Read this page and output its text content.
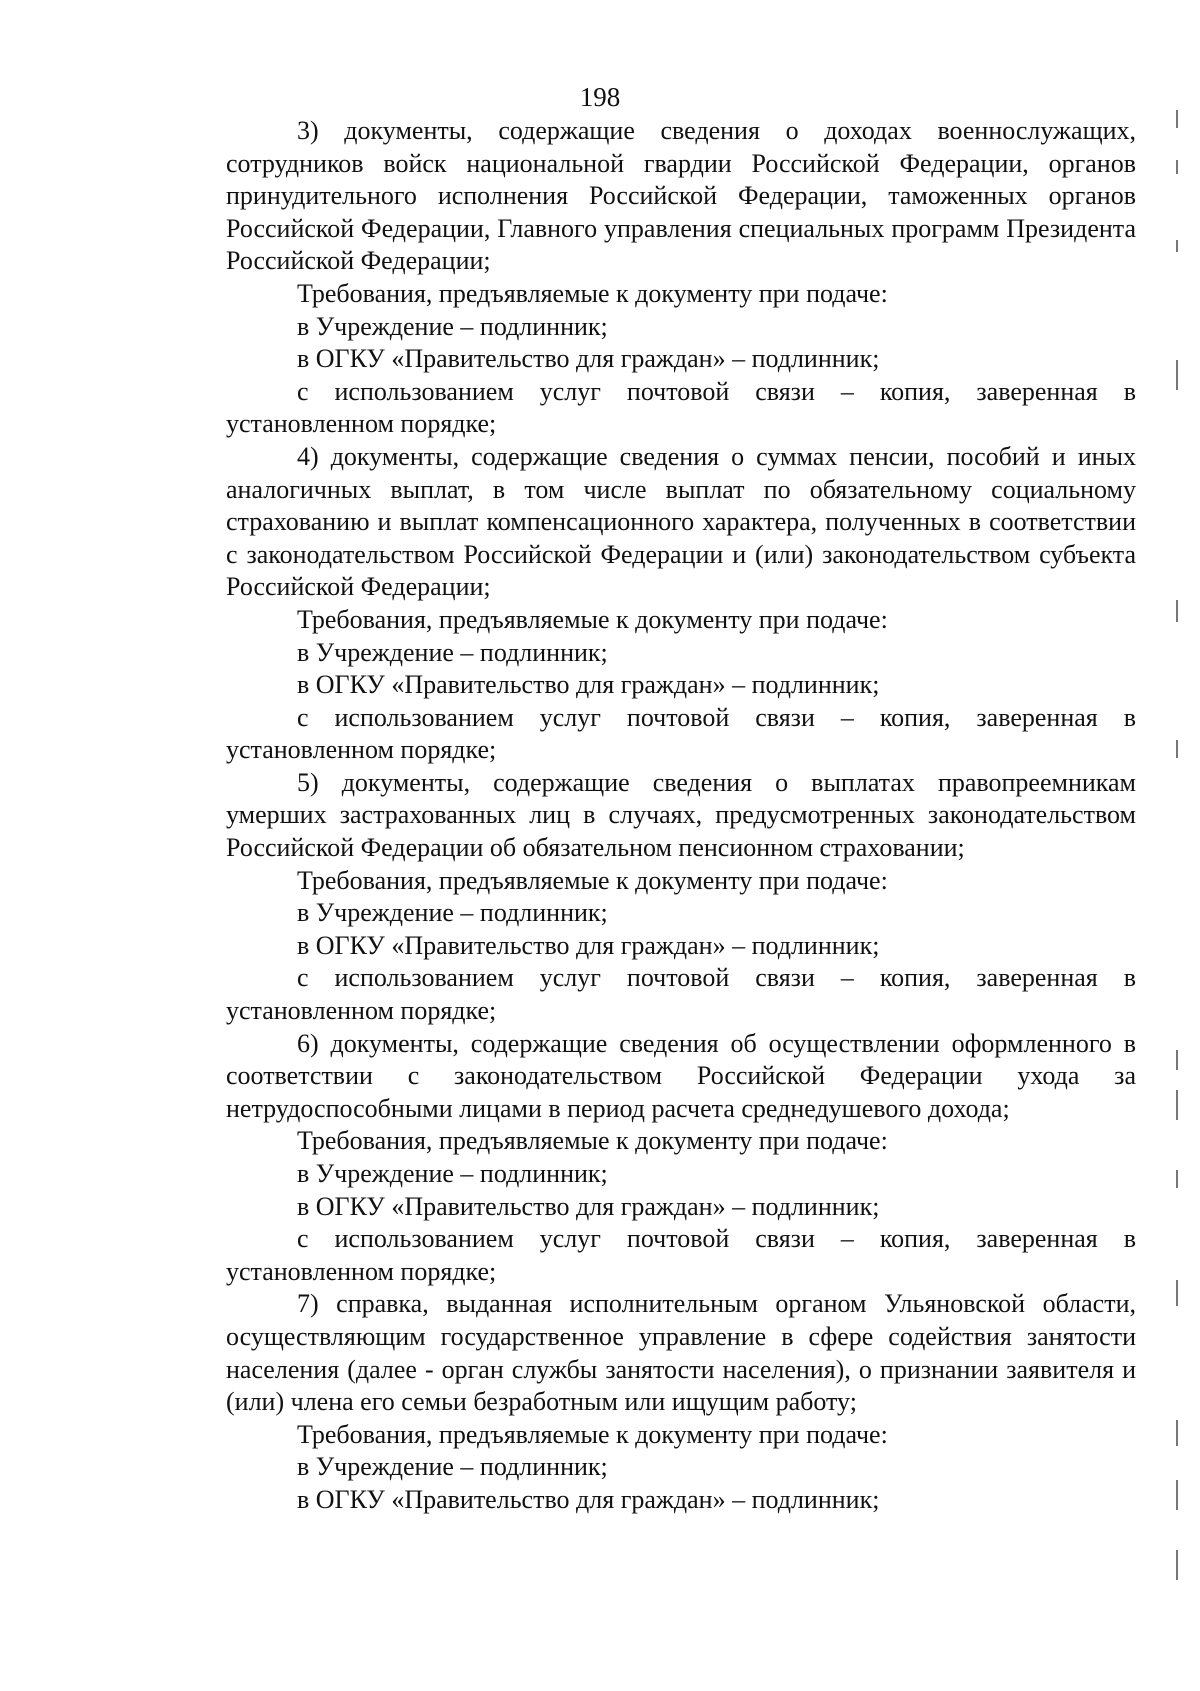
198

3) документы, содержащие сведения о доходах военнослужащих, сотрудников войск национальной гвардии Российской Федерации, органов принудительного исполнения Российской Федерации, таможенных органов Российской Федерации, Главного управления специальных программ Президента Российской Федерации;

Требования, предъявляемые к документу при подаче:

в Учреждение – подлинник;

в ОГКУ «Правительство для граждан» – подлинник;

с использованием услуг почтовой связи – копия, заверенная в установленном порядке;

4) документы, содержащие сведения о суммах пенсии, пособий и иных аналогичных выплат, в том числе выплат по обязательному социальному страхованию и выплат компенсационного характера, полученных в соответствии с законодательством Российской Федерации и (или) законодательством субъекта Российской Федерации;

Требования, предъявляемые к документу при подаче:

в Учреждение – подлинник;

в ОГКУ «Правительство для граждан» – подлинник;

с использованием услуг почтовой связи – копия, заверенная в установленном порядке;

5) документы, содержащие сведения о выплатах правопреемникам умерших застрахованных лиц в случаях, предусмотренных законодательством Российской Федерации об обязательном пенсионном страховании;

Требования, предъявляемые к документу при подаче:

в Учреждение – подлинник;

в ОГКУ «Правительство для граждан» – подлинник;

с использованием услуг почтовой связи – копия, заверенная в установленном порядке;

6) документы, содержащие сведения об осуществлении оформленного в соответствии с законодательством Российской Федерации ухода за нетрудоспособными лицами в период расчета среднедушевого дохода;

Требования, предъявляемые к документу при подаче:

в Учреждение – подлинник;

в ОГКУ «Правительство для граждан» – подлинник;

с использованием услуг почтовой связи – копия, заверенная в установленном порядке;

7) справка, выданная исполнительным органом Ульяновской области, осуществляющим государственное управление в сфере содействия занятости населения (далее - орган службы занятости населения), о признании заявителя и (или) члена его семьи безработным или ищущим работу;

Требования, предъявляемые к документу при подаче:

в Учреждение – подлинник;

в ОГКУ «Правительство для граждан» – подлинник;
